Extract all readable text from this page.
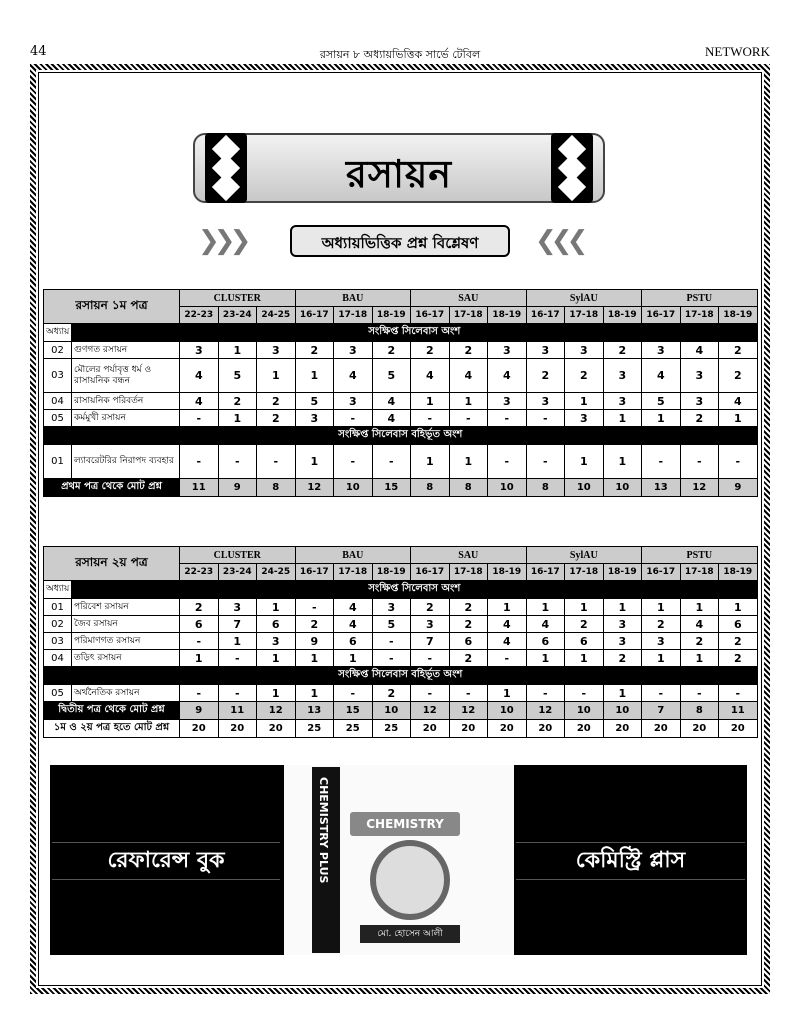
44	রসায়ন ৮ অধ্যায়ভিত্তিক সার্ভে টেবিল	NETWORK
রসায়ন
❯❯❯	অধ্যায়ভিত্তিক প্রশ্ন বিশ্লেষণ	❮❮❮
রসায়ন ১ম পত্র		CLUSTER			BAU			SAU			SylAU			PSTU		
		22-23	23-24	24-25	16-17	17-18	18-19	16-17	17-18	18-19	16-17	17-18	18-19	16-17	17-18	18-19
অধ্যায়	সংক্ষিপ্ত সিলেবাস অংশ															
02	গুণগত রসায়ন	3	1	3	2	3	2	2	2	3	3	3	2	3	4	2
03	মৌলের পর্যাবৃত্ত ধর্ম ও রাসায়নিক বন্ধন	4	5	1	1	4	5	4	4	4	2	2	3	4	3	2
04	রাসায়নিক পরিবর্তন	4	2	2	5	3	4	1	1	3	3	1	3	5	3	4
05	কর্মমুখী রসায়ন	-	1	2	3	-	4	-	-	-	-	3	1	1	2	1
সংক্ষিপ্ত সিলেবাস বহির্ভূত অংশ																
01	ল্যাবরেটরির নিরাপদ ব্যবহার	-	-	-	1	-	-	1	1	-	-	1	1	-	-	-
প্রথম পত্র থেকে মোট প্রশ্ন		11	9	8	12	10	15	8	8	10	8	10	10	13	12	9
রসায়ন ২য় পত্র		CLUSTER			BAU			SAU			SylAU			PSTU		
		22-23	23-24	24-25	16-17	17-18	18-19	16-17	17-18	18-19	16-17	17-18	18-19	16-17	17-18	18-19
অধ্যায়	সংক্ষিপ্ত সিলেবাস অংশ															
01	পরিবেশ রসায়ন	2	3	1	-	4	3	2	2	1	1	1	1	1	1	1
02	জৈব রসায়ন	6	7	6	2	4	5	3	2	4	4	2	3	2	4	6
03	পরিমাণগত রসায়ন	-	1	3	9	6	-	7	6	4	6	6	3	3	2	2
04	তড়িৎ রসায়ন	1	-	1	1	1	-	-	2	-	1	1	2	1	1	2
সংক্ষিপ্ত সিলেবাস বহির্ভূত অংশ																
05	অর্থনৈতিক রসায়ন	-	-	1	1	-	2	-	-	1	-	-	1	-	-	-
দ্বিতীয় পত্র থেকে মোট প্রশ্ন		9	11	12	13	15	10	12	12	10	12	10	10	7	8	11
১ম ও ২য় পত্র হতে মোট প্রশ্ন		20	20	20	25	25	25	20	20	20	20	20	20	20	20	20
রেফারেন্স বুক	কেমিস্ট্রি প্লাস
CHEMISTRY PLUS	CHEMISTRY
মো. হোসেন আলী
